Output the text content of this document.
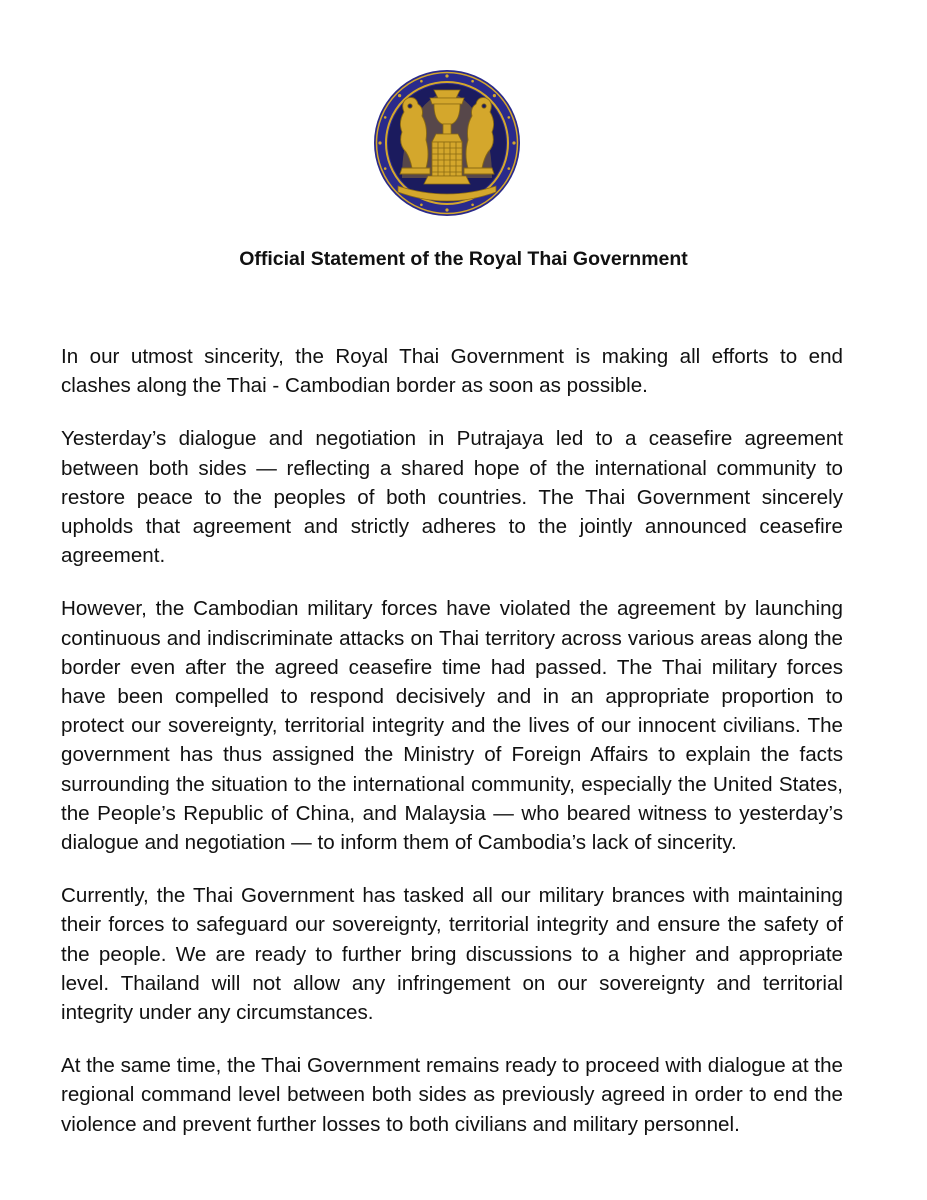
Official Statement of the Royal Thai Government

In our utmost sincerity, the Royal Thai Government is making all efforts to end clashes along the Thai - Cambodian border as soon as possible.

Yesterday’s dialogue and negotiation in Putrajaya led to a ceasefire agreement between both sides — reflecting a shared hope of the international community to restore peace to the peoples of both countries. The Thai Government sincerely upholds that agreement and strictly adheres to the jointly announced ceasefire agreement.

However, the Cambodian military forces have violated the agreement by launching continuous and indiscriminate attacks on Thai territory across various areas along the border even after the agreed ceasefire time had passed. The Thai military forces have been compelled to respond decisively and in an appropriate proportion to protect our sovereignty, territorial integrity and the lives of our innocent civilians. The government has thus assigned the Ministry of Foreign Affairs to explain the facts surrounding the situation to the international community, especially the United States, the People’s Republic of China, and Malaysia — who beared witness to yesterday’s dialogue and negotiation — to inform them of Cambodia’s lack of sincerity.

Currently, the Thai Government has tasked all our military brances with maintaining their forces to safeguard our sovereignty, territorial integrity and ensure the safety of the people. We are ready to further bring discussions to a higher and appropriate level. Thailand will not allow any infringement on our sovereignty and territorial integrity under any circumstances.

At the same time, the Thai Government remains ready to proceed with dialogue at the regional command level between both sides as previously agreed in order to end the violence and prevent further losses to both civilians and military personnel.
